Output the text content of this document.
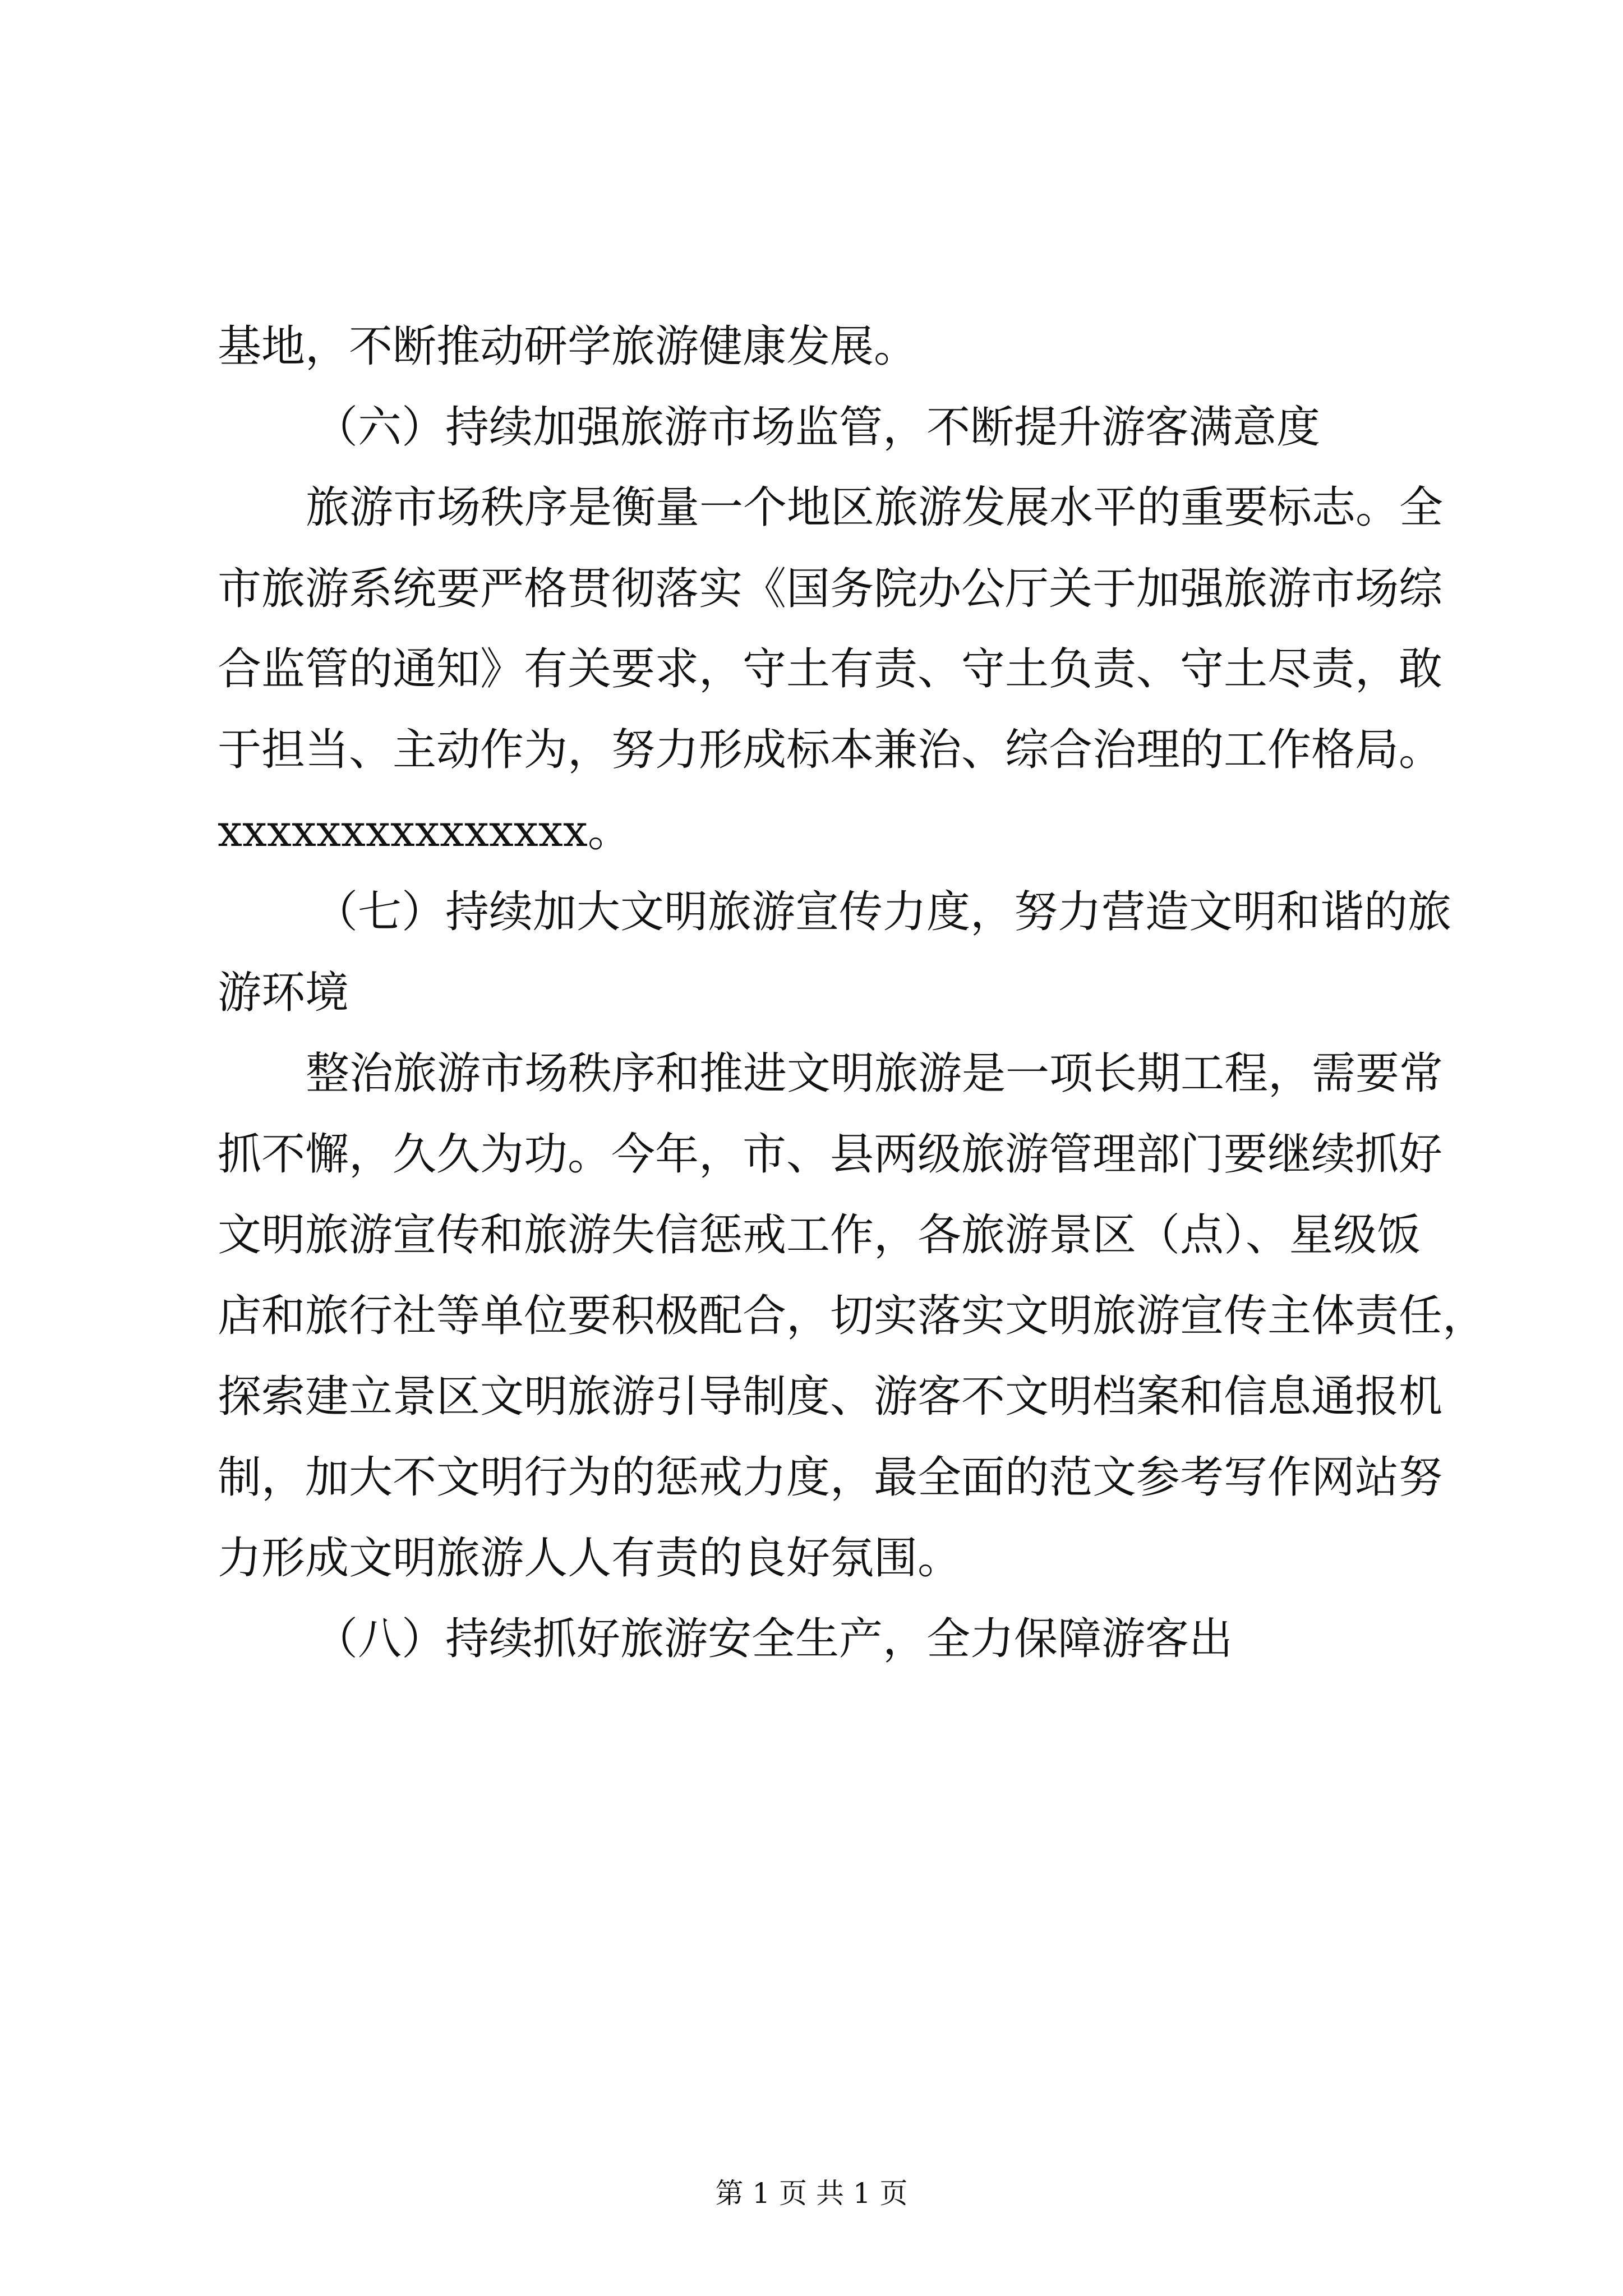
基地，不断推动研学旅游健康发展。

（六）持续加强旅游市场监管，不断提升游客满意度

旅游市场秩序是衡量一个地区旅游发展水平的重要标志。全

市旅游系统要严格贯彻落实《国务院办公厅关于加强旅游市场综

合监管的通知》有关要求，守土有责、守土负责、守土尽责，敢

于担当、主动作为，努力形成标本兼治、综合治理的工作格局。

xxxxxxxxxxxxxxx。

（七）持续加大文明旅游宣传力度，努力营造文明和谐的旅

游环境

整治旅游市场秩序和推进文明旅游是一项长期工程，需要常

抓不懈，久久为功。今年，市、县两级旅游管理部门要继续抓好

文明旅游宣传和旅游失信惩戒工作，各旅游景区（点）、星级饭

店和旅行社等单位要积极配合，切实落实文明旅游宣传主体责任，

探索建立景区文明旅游引导制度、游客不文明档案和信息通报机

制，加大不文明行为的惩戒力度，最全面的范文参考写作网站努

力形成文明旅游人人有责的良好氛围。

（八）持续抓好旅游安全生产，全力保障游客出

第 1 页 共 1 页
